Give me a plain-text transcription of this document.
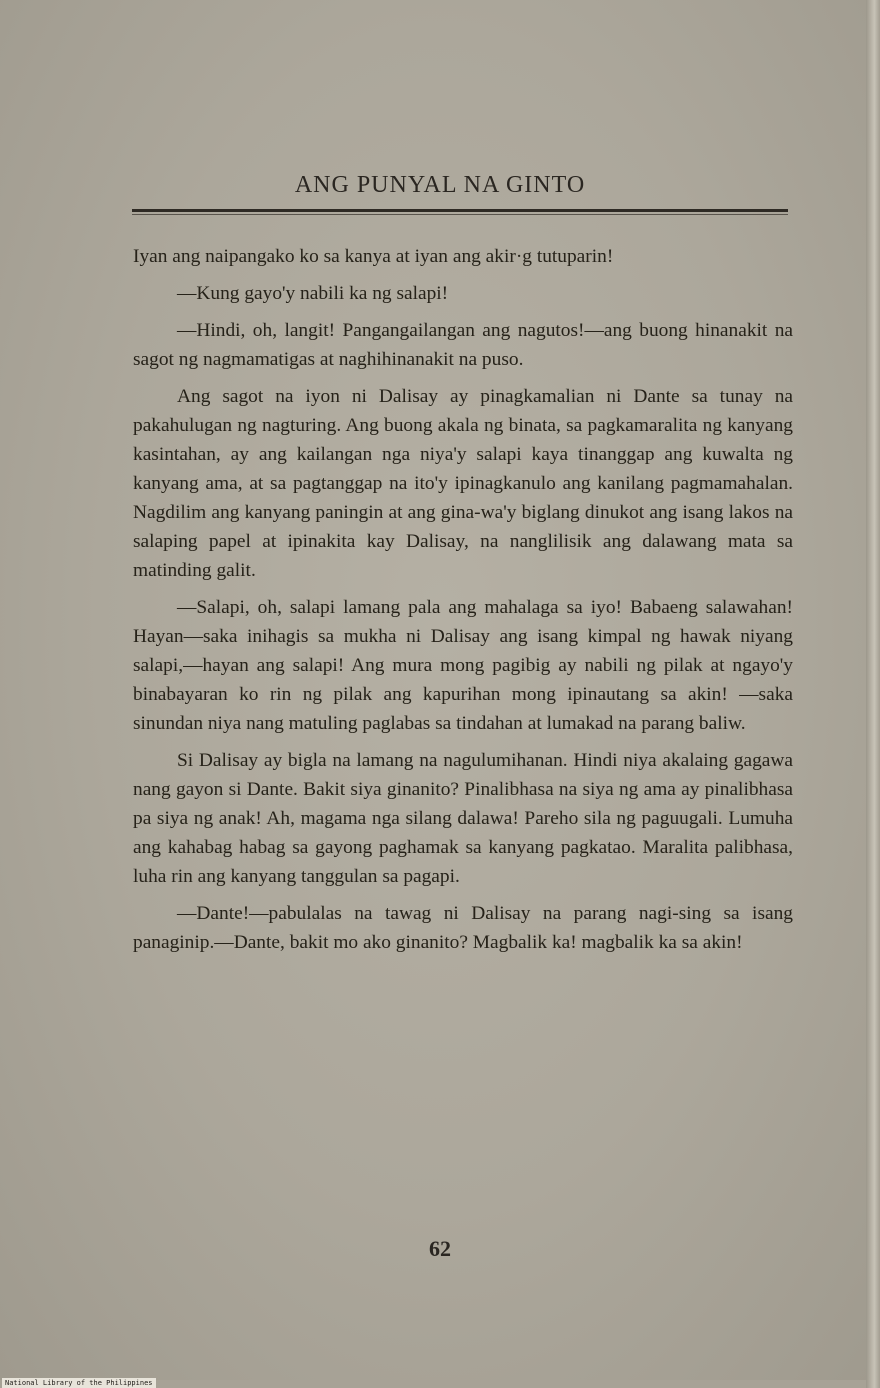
ANG PUNYAL NA GINTO

Iyan ang naipangako ko sa kanya at iyan ang akir·g tutuparin!

—Kung gayo'y nabili ka ng salapi!

—Hindi, oh, langit! Pangangailangan ang nagutos!—ang buong hinanakit na sagot ng nagmamatigas at naghihinanakit na puso.

Ang sagot na iyon ni Dalisay ay pinagkamalian ni Dante sa tunay na pakahulugan ng nagturing. Ang buong akala ng binata, sa pagkamaralita ng kanyang kasintahan, ay ang kailangan nga niya'y salapi kaya tinanggap ang kuwalta ng kanyang ama, at sa pagtanggap na ito'y ipinagkanulo ang kanilang pagmamahalan. Nagdilim ang kanyang paningin at ang gina-wa'y biglang dinukot ang isang lakos na salaping papel at ipinakita kay Dalisay, na nanglilisik ang dalawang mata sa matinding galit.

—Salapi, oh, salapi lamang pala ang mahalaga sa iyo! Babaeng salawahan! Hayan—saka inihagis sa mukha ni Dalisay ang isang kimpal ng hawak niyang salapi,—hayan ang salapi! Ang mura mong pagibig ay nabili ng pilak at ngayo'y binabayaran ko rin ng pilak ang kapurihan mong ipinautang sa akin! —saka sinundan niya nang matuling paglabas sa tindahan at lumakad na parang baliw.

Si Dalisay ay bigla na lamang na nagulumihanan. Hindi niya akalaing gagawa nang gayon si Dante. Bakit siya ginanito? Pinalibhasa na siya ng ama ay pinalibhasa pa siya ng anak! Ah, magama nga silang dalawa! Pareho sila ng paguugali. Lumuha ang kahabag habag sa gayong paghamak sa kanyang pagkatao. Maralita palibhasa, luha rin ang kanyang tanggulan sa pagapi.

—Dante!—pabulalas na tawag ni Dalisay na parang nagi-sing sa isang panaginip.—Dante, bakit mo ako ginanito? Magbalik ka! magbalik ka sa akin!

62
National Library of the Philippines
